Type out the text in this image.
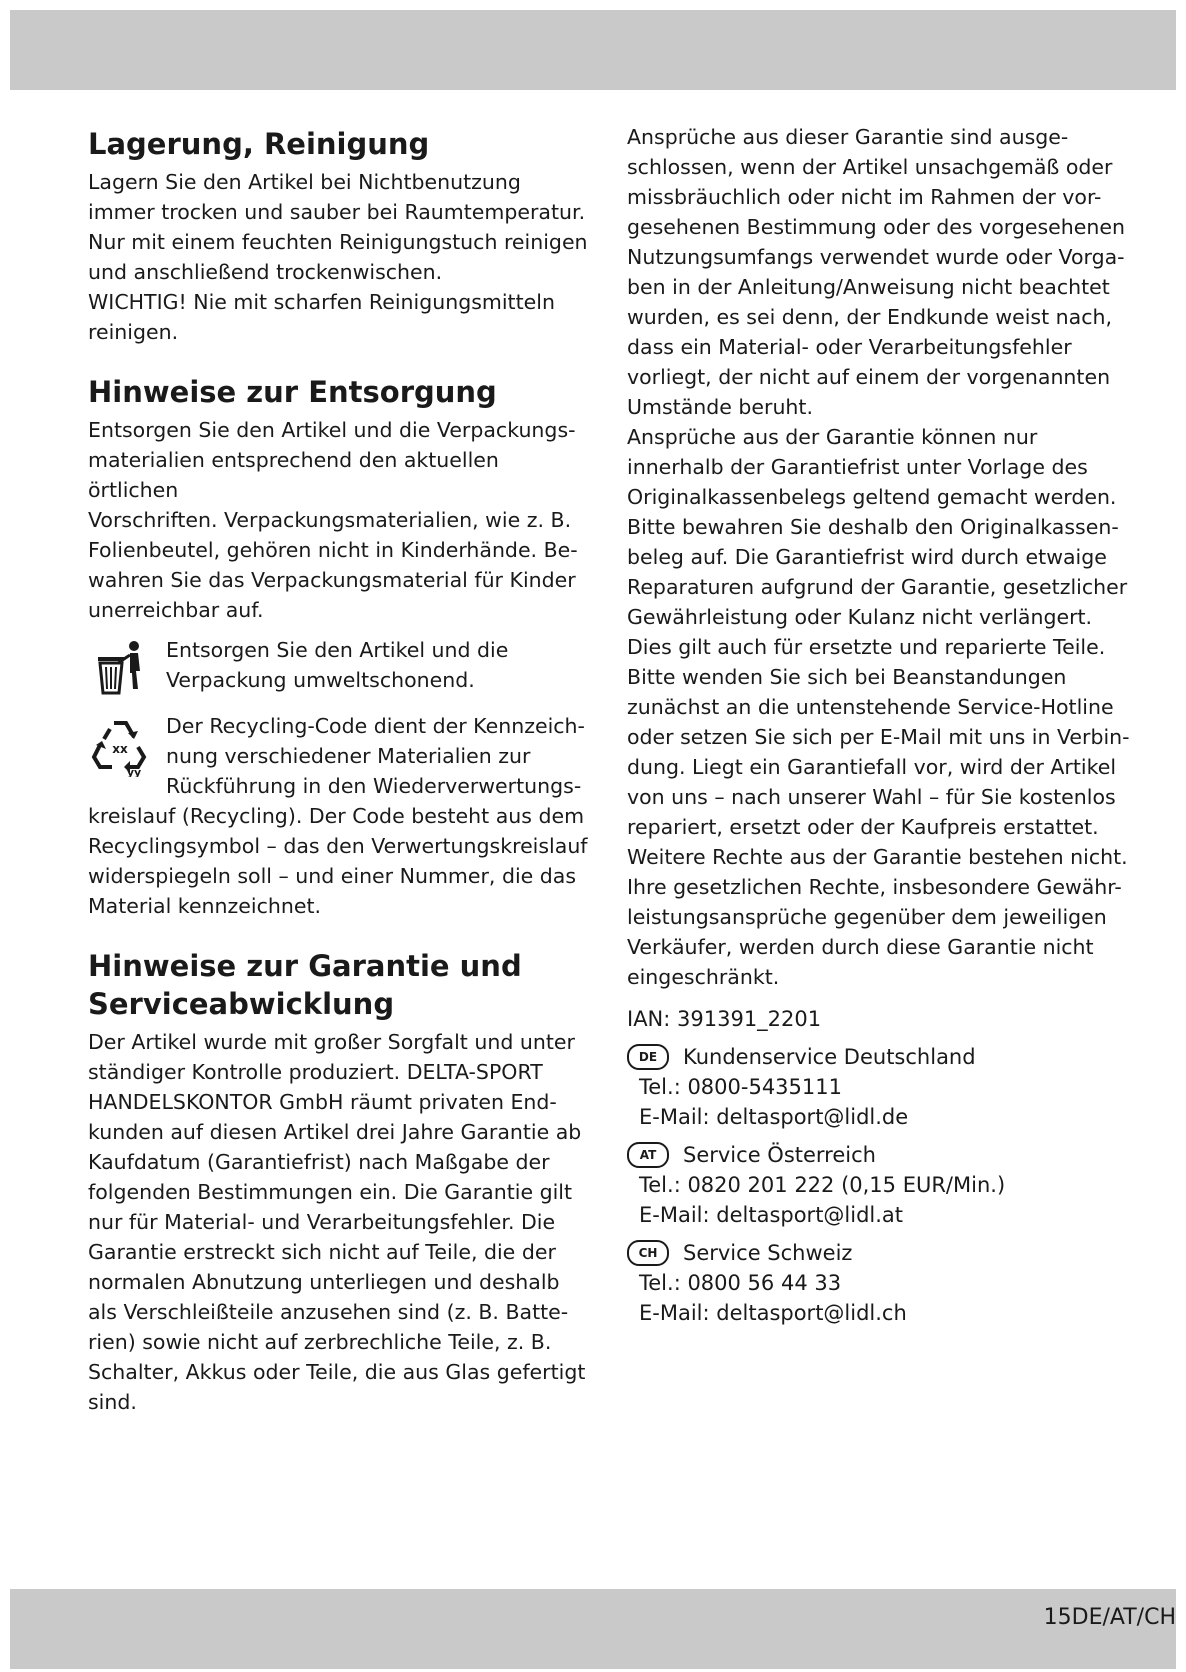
Lagerung, Reinigung

Lagern Sie den Artikel bei Nichtbenutzung
immer trocken und sauber bei Raumtemperatur.
Nur mit einem feuchten Reinigungstuch reinigen
und anschließend trockenwischen.
WICHTIG! Nie mit scharfen Reinigungsmitteln
reinigen.

Hinweise zur Entsorgung

Entsorgen Sie den Artikel und die Verpackungs-
materialien entsprechend den aktuellen örtlichen
Vorschriften. Verpackungsmaterialien, wie z. B.
Folienbeutel, gehören nicht in Kinderhände. Be-
wahren Sie das Verpackungsmaterial für Kinder
unerreichbar auf.

Entsorgen Sie den Artikel und die
Verpackung umweltschonend.

xx
yy

Der Recycling-Code dient der Kennzeich-
nung verschiedener Materialien zur
Rückführung in den Wiederverwertungs-

kreislauf (Recycling). Der Code besteht aus dem
Recyclingsymbol – das den Verwertungskreislauf
widerspiegeln soll – und einer Nummer, die das
Material kennzeichnet.

Hinweise zur Garantie und
Serviceabwicklung

Der Artikel wurde mit großer Sorgfalt und unter
ständiger Kontrolle produziert. DELTA-SPORT
HANDELSKONTOR GmbH räumt privaten End-
kunden auf diesen Artikel drei Jahre Garantie ab
Kaufdatum (Garantiefrist) nach Maßgabe der
folgenden Bestimmungen ein. Die Garantie gilt
nur für Material- und Verarbeitungsfehler. Die
Garantie erstreckt sich nicht auf Teile, die der
normalen Abnutzung unterliegen und deshalb
als Verschleißteile anzusehen sind (z. B. Batte-
rien) sowie nicht auf zerbrechliche Teile, z. B.
Schalter, Akkus oder Teile, die aus Glas gefertigt
sind.

Ansprüche aus dieser Garantie sind ausge-
schlossen, wenn der Artikel unsachgemäß oder
missbräuchlich oder nicht im Rahmen der vor-
gesehenen Bestimmung oder des vorgesehenen
Nutzungsumfangs verwendet wurde oder Vorga-
ben in der Anleitung/Anweisung nicht beachtet
wurden, es sei denn, der Endkunde weist nach,
dass ein Material- oder Verarbeitungsfehler
vorliegt, der nicht auf einem der vorgenannten
Umstände beruht.
Ansprüche aus der Garantie können nur
innerhalb der Garantiefrist unter Vorlage des
Originalkassenbelegs geltend gemacht werden.
Bitte bewahren Sie deshalb den Originalkassen-
beleg auf. Die Garantiefrist wird durch etwaige
Reparaturen aufgrund der Garantie, gesetzlicher
Gewährleistung oder Kulanz nicht verlängert.
Dies gilt auch für ersetzte und reparierte Teile.
Bitte wenden Sie sich bei Beanstandungen
zunächst an die untenstehende Service-Hotline
oder setzen Sie sich per E-Mail mit uns in Verbin-
dung. Liegt ein Garantiefall vor, wird der Artikel
von uns – nach unserer Wahl – für Sie kostenlos
repariert, ersetzt oder der Kaufpreis erstattet.
Weitere Rechte aus der Garantie bestehen nicht.
Ihre gesetzlichen Rechte, insbesondere Gewähr-
leistungsansprüche gegenüber dem jeweiligen
Verkäufer, werden durch diese Garantie nicht
eingeschränkt.

IAN: 391391_2201
DE	Kundenservice Deutschland
Tel.: 0800-5435111
E-Mail: deltasport@lidl.de
AT	Service Österreich
Tel.: 0820 201 222 (0,15 EUR/Min.)
E-Mail: deltasport@lidl.at
CH	Service Schweiz
Tel.: 0800 56 44 33
E-Mail: deltasport@lidl.ch
15DE/AT/CH
